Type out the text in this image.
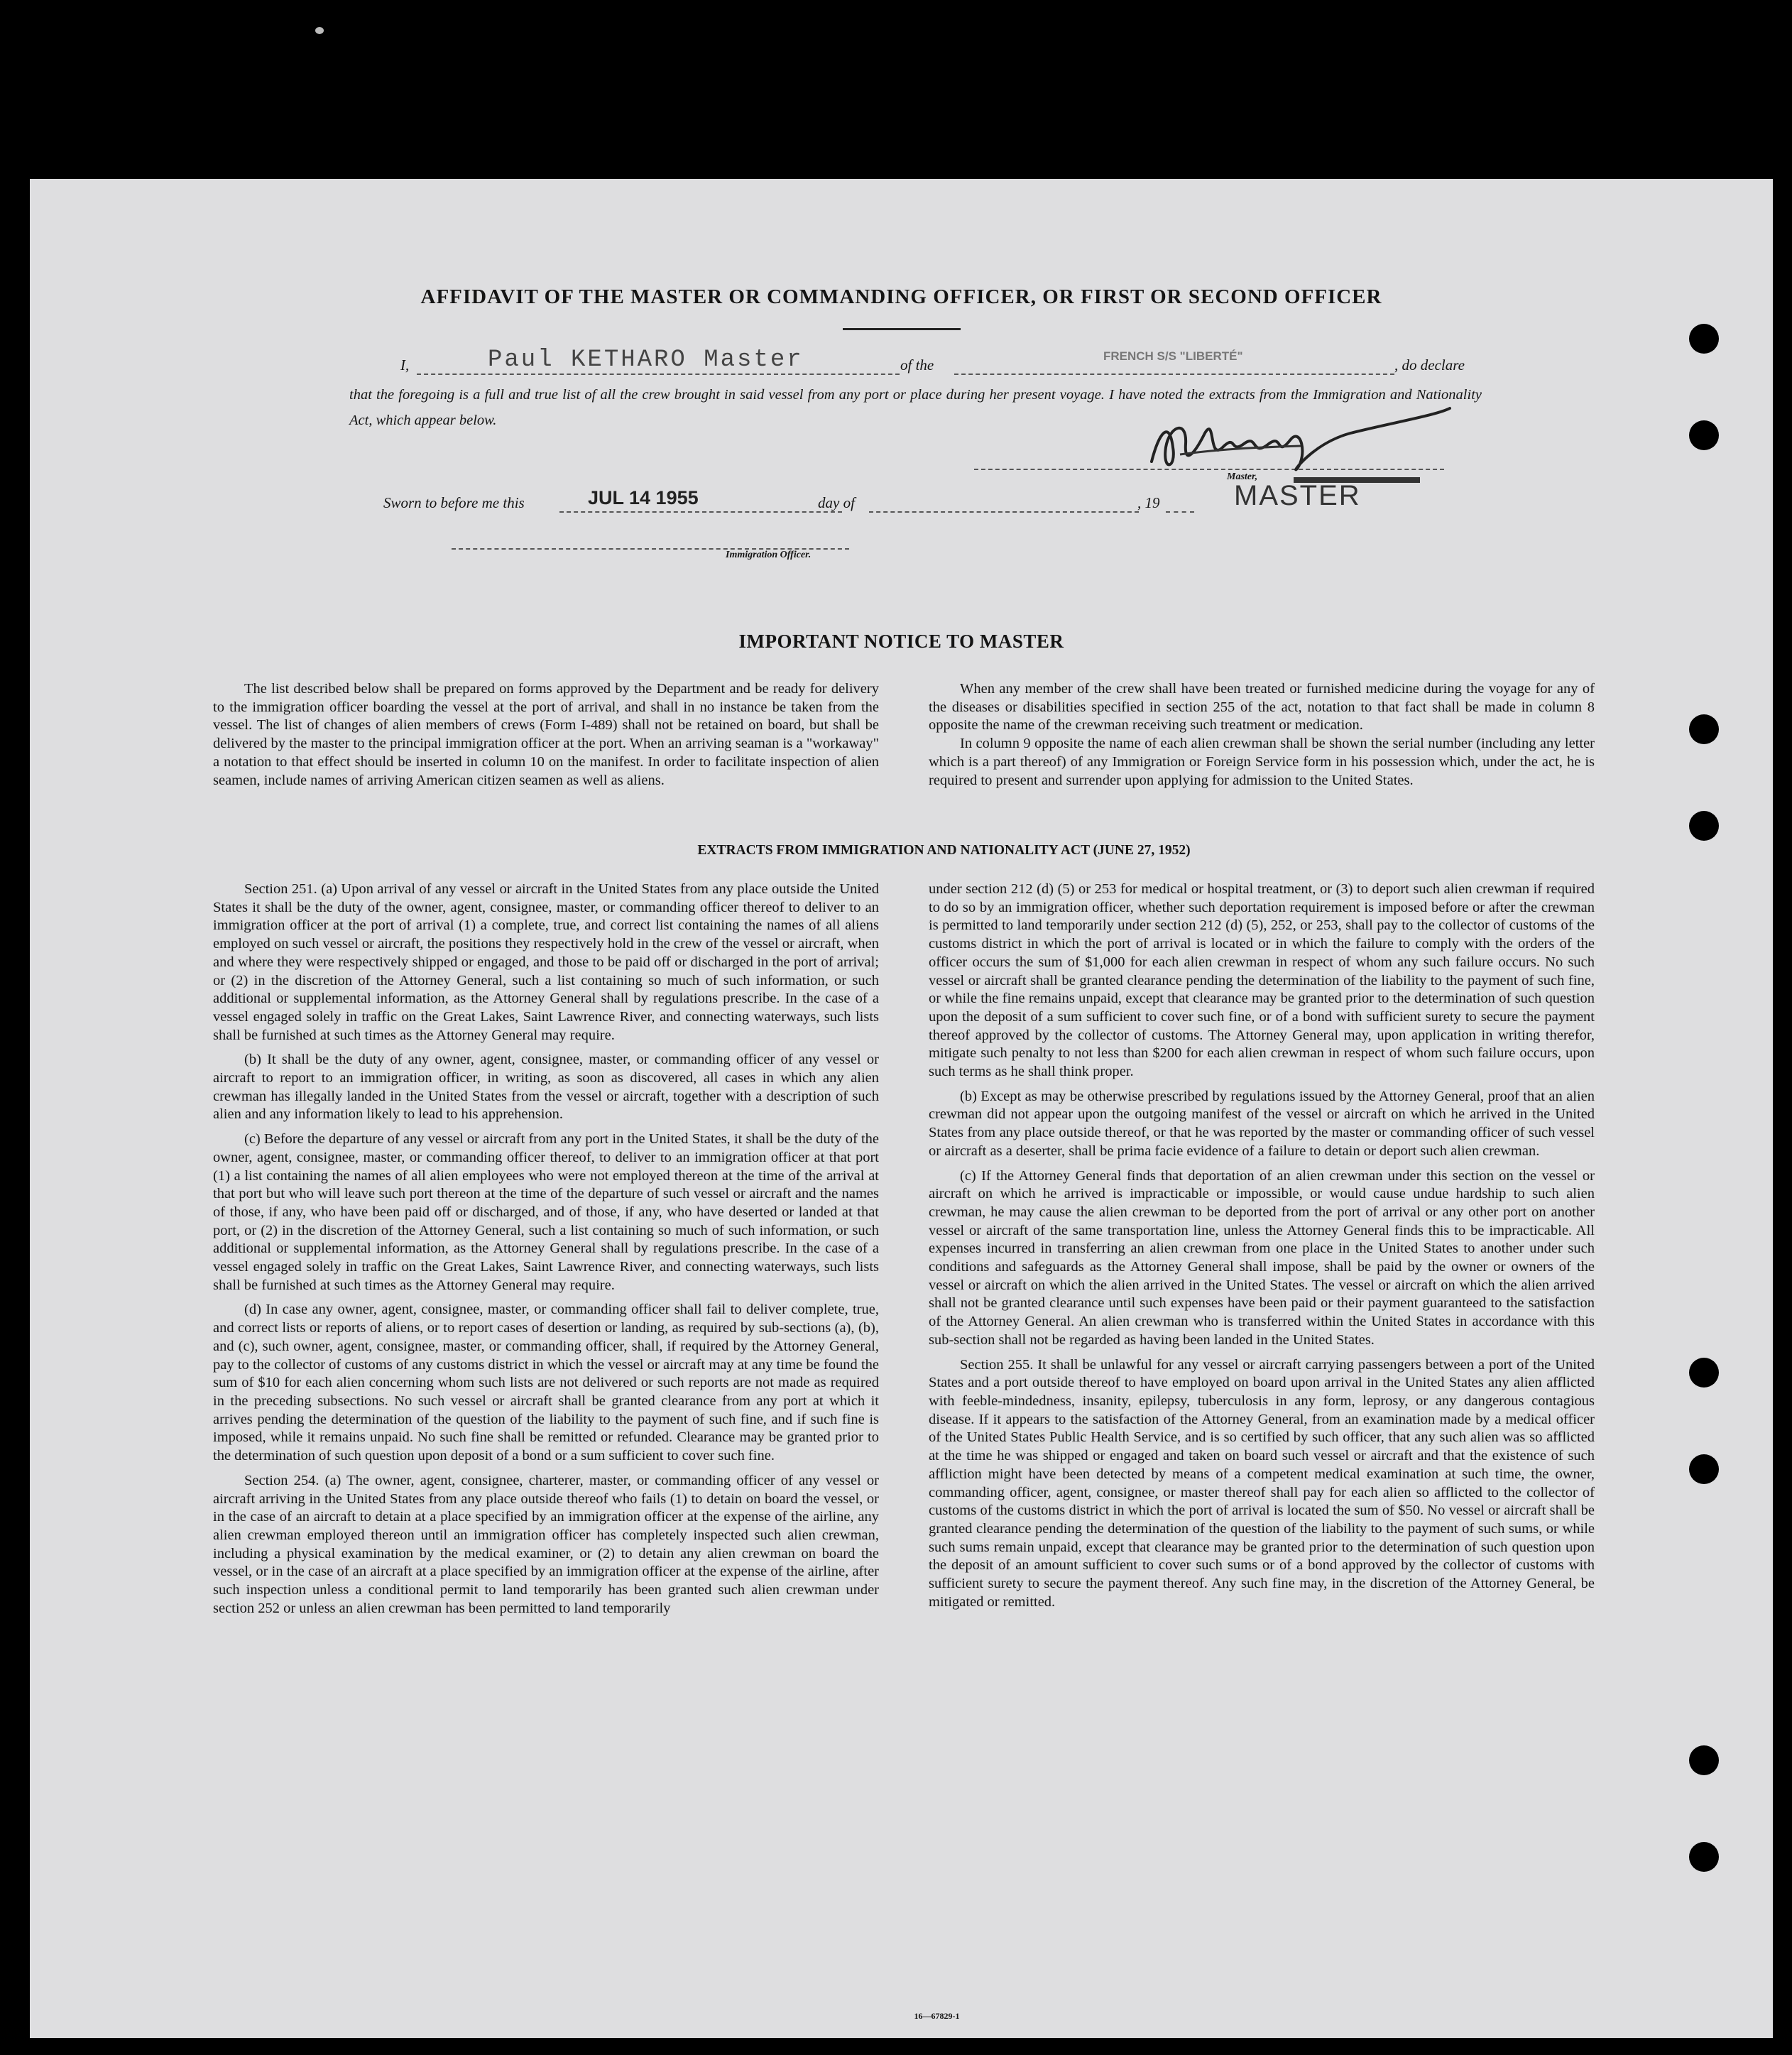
AFFIDAVIT OF THE MASTER OR COMMANDING OFFICER, OR FIRST OR SECOND OFFICER
I,	Paul KETHARO Master	of the
FRENCH S/S "LIBERTÉ"
, do declare
that the foregoing is a full and true list of all the crew brought in said vessel from any port or place during her present voyage. I have noted the extracts from the Immigration and Nationality Act, which appear below.
Master,
MASTER
Sworn to before me this	JUL 14 1955	day of	, 19
Immigration Officer.
IMPORTANT NOTICE TO MASTER

The list described below shall be prepared on forms approved by the Department and be ready for delivery to the immigration officer boarding the vessel at the port of arrival, and shall in no instance be taken from the vessel. The list of changes of alien members of crews (Form I-489) shall not be retained on board, but shall be delivered by the master to the principal immigration officer at the port. When an arriving seaman is a "workaway" a notation to that effect should be inserted in column 10 on the manifest. In order to facilitate inspection of alien seamen, include names of arriving American citizen seamen as well as aliens.

When any member of the crew shall have been treated or furnished medicine during the voyage for any of the diseases or disabilities specified in section 255 of the act, notation to that fact shall be made in column 8 opposite the name of the crewman receiving such treatment or medication.

In column 9 opposite the name of each alien crewman shall be shown the serial number (including any letter which is a part thereof) of any Immigration or Foreign Service form in his possession which, under the act, he is required to present and surrender upon applying for admission to the United States.

EXTRACTS FROM IMMIGRATION AND NATIONALITY ACT (JUNE 27, 1952)

Section 251. (a) Upon arrival of any vessel or aircraft in the United States from any place outside the United States it shall be the duty of the owner, agent, consignee, master, or commanding officer thereof to deliver to an immigration officer at the port of arrival (1) a complete, true, and correct list containing the names of all aliens employed on such vessel or aircraft, the positions they respectively hold in the crew of the vessel or aircraft, when and where they were respectively shipped or engaged, and those to be paid off or discharged in the port of arrival; or (2) in the discretion of the Attorney General, such a list containing so much of such information, or such additional or supplemental information, as the Attorney General shall by regulations prescribe. In the case of a vessel engaged solely in traffic on the Great Lakes, Saint Lawrence River, and connecting waterways, such lists shall be furnished at such times as the Attorney General may require.

(b) It shall be the duty of any owner, agent, consignee, master, or commanding officer of any vessel or aircraft to report to an immigration officer, in writing, as soon as discovered, all cases in which any alien crewman has illegally landed in the United States from the vessel or aircraft, together with a description of such alien and any information likely to lead to his apprehension.

(c) Before the departure of any vessel or aircraft from any port in the United States, it shall be the duty of the owner, agent, consignee, master, or commanding officer thereof, to deliver to an immigration officer at that port (1) a list containing the names of all alien employees who were not employed thereon at the time of the arrival at that port but who will leave such port thereon at the time of the departure of such vessel or aircraft and the names of those, if any, who have been paid off or discharged, and of those, if any, who have deserted or landed at that port, or (2) in the discretion of the Attorney General, such a list containing so much of such information, or such additional or supplemental information, as the Attorney General shall by regulations prescribe. In the case of a vessel engaged solely in traffic on the Great Lakes, Saint Lawrence River, and connecting waterways, such lists shall be furnished at such times as the Attorney General may require.

(d) In case any owner, agent, consignee, master, or commanding officer shall fail to deliver complete, true, and correct lists or reports of aliens, or to report cases of desertion or landing, as required by sub-sections (a), (b), and (c), such owner, agent, consignee, master, or commanding officer, shall, if required by the Attorney General, pay to the collector of customs of any customs district in which the vessel or aircraft may at any time be found the sum of $10 for each alien concerning whom such lists are not delivered or such reports are not made as required in the preceding subsections. No such vessel or aircraft shall be granted clearance from any port at which it arrives pending the determination of the question of the liability to the payment of such fine, and if such fine is imposed, while it remains unpaid. No such fine shall be remitted or refunded. Clearance may be granted prior to the determination of such question upon deposit of a bond or a sum sufficient to cover such fine.

Section 254. (a) The owner, agent, consignee, charterer, master, or commanding officer of any vessel or aircraft arriving in the United States from any place outside thereof who fails (1) to detain on board the vessel, or in the case of an aircraft to detain at a place specified by an immigration officer at the expense of the airline, any alien crewman employed thereon until an immigration officer has completely inspected such alien crewman, including a physical examination by the medical examiner, or (2) to detain any alien crewman on board the vessel, or in the case of an aircraft at a place specified by an immigration officer at the expense of the airline, after such inspection unless a conditional permit to land temporarily has been granted such alien crewman under section 252 or unless an alien crewman has been permitted to land temporarily

under section 212 (d) (5) or 253 for medical or hospital treatment, or (3) to deport such alien crewman if required to do so by an immigration officer, whether such deportation requirement is imposed before or after the crewman is permitted to land temporarily under section 212 (d) (5), 252, or 253, shall pay to the collector of customs of the customs district in which the port of arrival is located or in which the failure to comply with the orders of the officer occurs the sum of $1,000 for each alien crewman in respect of whom any such failure occurs. No such vessel or aircraft shall be granted clearance pending the determination of the liability to the payment of such fine, or while the fine remains unpaid, except that clearance may be granted prior to the determination of such question upon the deposit of a sum sufficient to cover such fine, or of a bond with sufficient surety to secure the payment thereof approved by the collector of customs. The Attorney General may, upon application in writing therefor, mitigate such penalty to not less than $200 for each alien crewman in respect of whom such failure occurs, upon such terms as he shall think proper.

(b) Except as may be otherwise prescribed by regulations issued by the Attorney General, proof that an alien crewman did not appear upon the outgoing manifest of the vessel or aircraft on which he arrived in the United States from any place outside thereof, or that he was reported by the master or commanding officer of such vessel or aircraft as a deserter, shall be prima facie evidence of a failure to detain or deport such alien crewman.

(c) If the Attorney General finds that deportation of an alien crewman under this section on the vessel or aircraft on which he arrived is impracticable or impossible, or would cause undue hardship to such alien crewman, he may cause the alien crewman to be deported from the port of arrival or any other port on another vessel or aircraft of the same transportation line, unless the Attorney General finds this to be impracticable. All expenses incurred in transferring an alien crewman from one place in the United States to another under such conditions and safeguards as the Attorney General shall impose, shall be paid by the owner or owners of the vessel or aircraft on which the alien arrived in the United States. The vessel or aircraft on which the alien arrived shall not be granted clearance until such expenses have been paid or their payment guaranteed to the satisfaction of the Attorney General. An alien crewman who is transferred within the United States in accordance with this sub-section shall not be regarded as having been landed in the United States.

Section 255. It shall be unlawful for any vessel or aircraft carrying passengers between a port of the United States and a port outside thereof to have employed on board upon arrival in the United States any alien afflicted with feeble-mindedness, insanity, epilepsy, tuberculosis in any form, leprosy, or any dangerous contagious disease. If it appears to the satisfaction of the Attorney General, from an examination made by a medical officer of the United States Public Health Service, and is so certified by such officer, that any such alien was so afflicted at the time he was shipped or engaged and taken on board such vessel or aircraft and that the existence of such affliction might have been detected by means of a competent medical examination at such time, the owner, commanding officer, agent, consignee, or master thereof shall pay for each alien so afflicted to the collector of customs of the customs district in which the port of arrival is located the sum of $50. No vessel or aircraft shall be granted clearance pending the determination of the question of the liability to the payment of such sums, or while such sums remain unpaid, except that clearance may be granted prior to the determination of such question upon the deposit of an amount sufficient to cover such sums or of a bond approved by the collector of customs with sufficient surety to secure the payment thereof. Any such fine may, in the discretion of the Attorney General, be mitigated or remitted.

16—67829-1
